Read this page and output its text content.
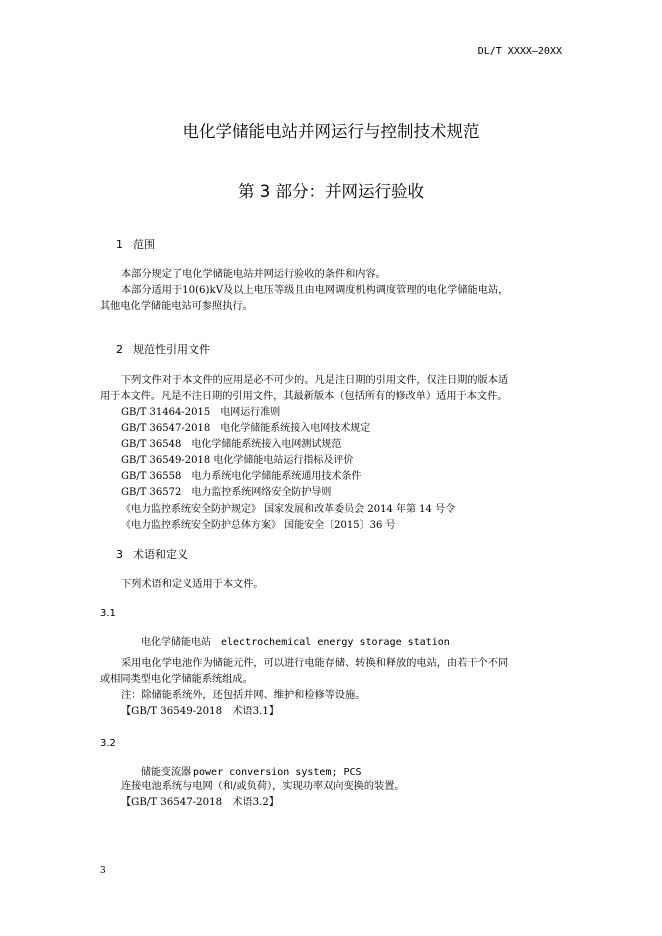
DL/T XXXX—20XX
电化学储能电站并网运行与控制技术规范
第 3 部分：并网运行验收
1 范围
本部分规定了电化学储能电站并网运行验收的条件和内容。
本部分适用于10(6)kV及以上电压等级且由电网调度机构调度管理的电化学储能电站，
其他电化学储能电站可参照执行。
2 规范性引用文件
下列文件对于本文件的应用是必不可少的。凡是注日期的引用文件，仅注日期的版本适
用于本文件。凡是不注日期的引用文件，其最新版本（包括所有的修改单）适用于本文件。
GB/T 31464-2015　电网运行准则
GB/T 36547-2018　电化学储能系统接入电网技术规定
GB/T 36548　电化学储能系统接入电网测试规范
GB/T 36549-2018 电化学储能电站运行指标及评价
GB/T 36558　电力系统电化学储能系统通用技术条件
GB/T 36572　电力监控系统网络安全防护导则
《电力监控系统安全防护规定》 国家发展和改革委员会 2014 年第 14 号令
《电力监控系统安全防护总体方案》 国能安全〔2015〕36 号
3 术语和定义
下列术语和定义适用于本文件。
3.1
电化学储能电站 electrochemical energy storage station
采用电化学电池作为储能元件，可以进行电能存储、转换和释放的电站，由若干个不同
或相同类型电化学储能系统组成。
注：除储能系统外，还包括并网、维护和检修等设施。
【GB/T 36549-2018　术语3.1】
3.2
储能变流器 power conversion system; PCS
连接电池系统与电网（和/或负荷），实现功率双向变换的装置。
【GB/T 36547-2018　术语3.2】
3
